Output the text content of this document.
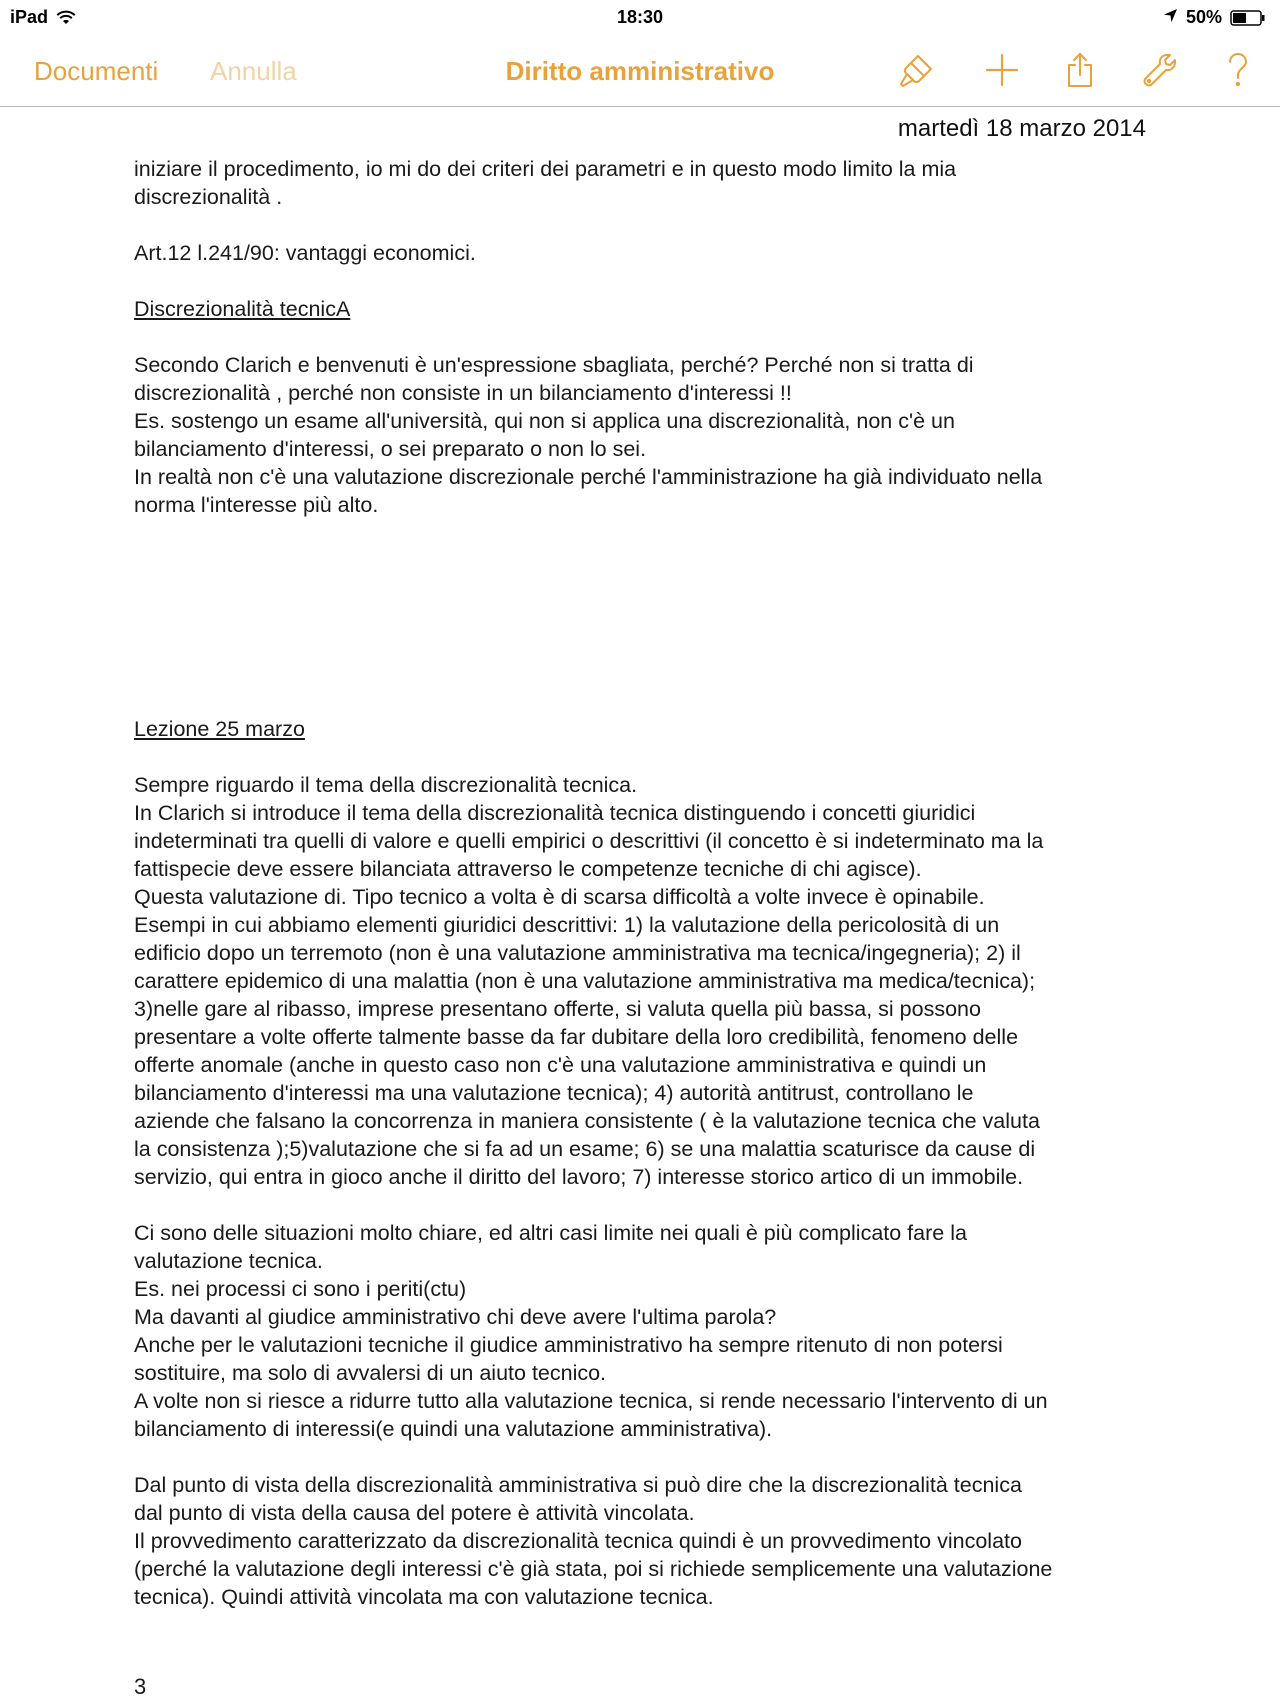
iPad	18:30	50%
Documenti Annulla	Diritto amministrativo
martedì 18 marzo 2014

iniziare il procedimento, io mi do dei criteri dei parametri e in questo modo limito la mia

discrezionalità .

Art.12 l.241/90: vantaggi economici.

Discrezionalità tecnicA

Secondo Clarich e benvenuti è un'espressione sbagliata, perché? Perché non si tratta di

discrezionalità , perché non consiste in un bilanciamento d'interessi !!

Es. sostengo un esame all'università, qui non si applica una discrezionalità, non c'è un

bilanciamento d'interessi, o sei preparato o non lo sei.

In realtà non c'è una valutazione discrezionale perché l'amministrazione ha già individuato nella

norma l'interesse più alto.

Lezione 25 marzo

Sempre riguardo il tema della discrezionalità tecnica.

In Clarich si introduce il tema della discrezionalità tecnica distinguendo i concetti giuridici

indeterminati tra quelli di valore e quelli empirici o descrittivi (il concetto è si indeterminato ma la

fattispecie deve essere bilanciata attraverso le competenze tecniche di chi agisce).

Questa valutazione di. Tipo tecnico a volta è di scarsa difficoltà a volte invece è opinabile.

Esempi in cui abbiamo elementi giuridici descrittivi: 1) la valutazione della pericolosità di un

edificio dopo un terremoto (non è una valutazione amministrativa ma tecnica/ingegneria); 2) il

carattere epidemico di una malattia (non è una valutazione amministrativa ma medica/tecnica);

3)nelle gare al ribasso, imprese presentano offerte, si valuta quella più bassa, si possono

presentare a volte offerte talmente basse da far dubitare della loro credibilità, fenomeno delle

offerte anomale (anche in questo caso non c'è una valutazione amministrativa e quindi un

bilanciamento d'interessi ma una valutazione tecnica); 4) autorità antitrust, controllano le

aziende che falsano la concorrenza in maniera consistente ( è la valutazione tecnica che valuta

la consistenza );5)valutazione che si fa ad un esame; 6) se una malattia scaturisce da cause di

servizio, qui entra in gioco anche il diritto del lavoro; 7) interesse storico artico di un immobile.

Ci sono delle situazioni molto chiare, ed altri casi limite nei quali è più complicato fare la

valutazione tecnica.

Es. nei processi ci sono i periti(ctu)

Ma davanti al giudice amministrativo chi deve avere l'ultima parola?

Anche per le valutazioni tecniche il giudice amministrativo ha sempre ritenuto di non potersi

sostituire, ma solo di avvalersi di un aiuto tecnico.

A volte non si riesce a ridurre tutto alla valutazione tecnica, si rende necessario l'intervento di un

bilanciamento di interessi(e quindi una valutazione amministrativa).

Dal punto di vista della discrezionalità amministrativa si può dire che la discrezionalità tecnica

dal punto di vista della causa del potere è attività vincolata.

Il provvedimento caratterizzato da discrezionalità tecnica quindi è un provvedimento vincolato

(perché la valutazione degli interessi c'è già stata, poi si richiede semplicemente una valutazione

tecnica). Quindi attività vincolata ma con valutazione tecnica.

3
